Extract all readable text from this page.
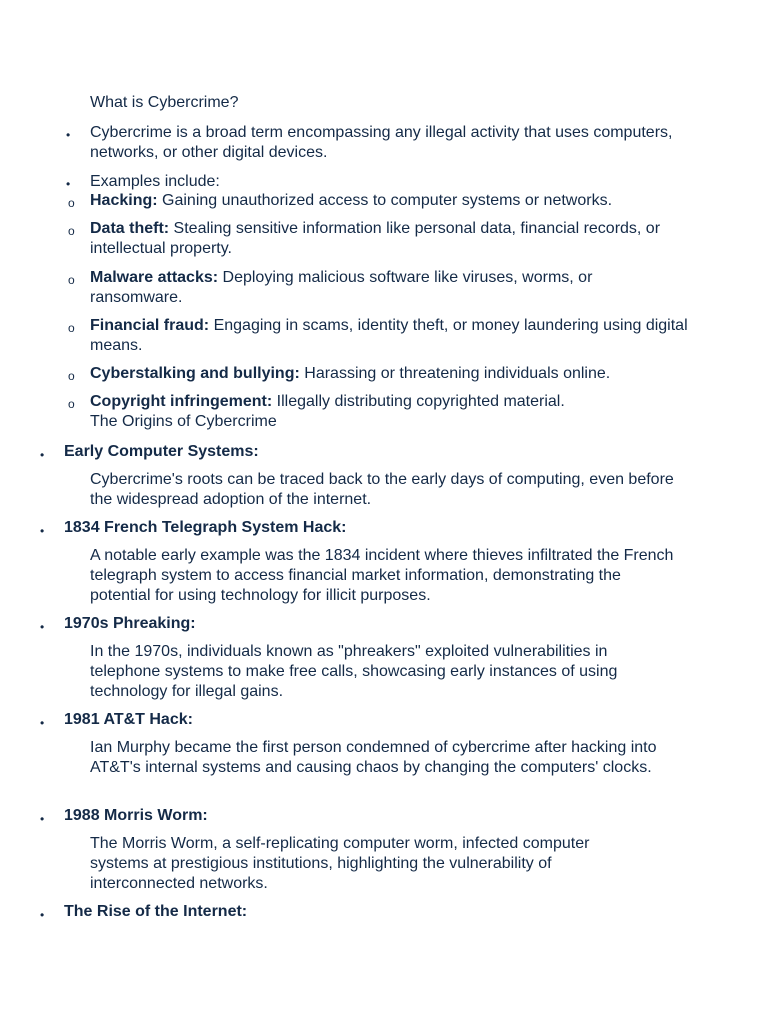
What is Cybercrime?
• Cybercrime is a broad term encompassing any illegal activity that uses computers, networks, or other digital devices.
• Examples include:
o Hacking: Gaining unauthorized access to computer systems or networks.
o Data theft: Stealing sensitive information like personal data, financial records, or intellectual property.
o Malware attacks: Deploying malicious software like viruses, worms, or ransomware.
o Financial fraud: Engaging in scams, identity theft, or money laundering using digital means.
o Cyberstalking and bullying: Harassing or threatening individuals online.
o Copyright infringement: Illegally distributing copyrighted material.
The Origins of Cybercrime
• Early Computer Systems:
Cybercrime's roots can be traced back to the early days of computing, even before the widespread adoption of the internet.
• 1834 French Telegraph System Hack:
A notable early example was the 1834 incident where thieves infiltrated the French telegraph system to access financial market information, demonstrating the potential for using technology for illicit purposes.
• 1970s Phreaking:
In the 1970s, individuals known as "phreakers" exploited vulnerabilities in telephone systems to make free calls, showcasing early instances of using technology for illegal gains.
• 1981 AT&T Hack:
Ian Murphy became the first person condemned of cybercrime after hacking into AT&T's internal systems and causing chaos by changing the computers' clocks.
• 1988 Morris Worm:
The Morris Worm, a self-replicating computer worm, infected computer systems at prestigious institutions, highlighting the vulnerability of interconnected networks.
• The Rise of the Internet:
